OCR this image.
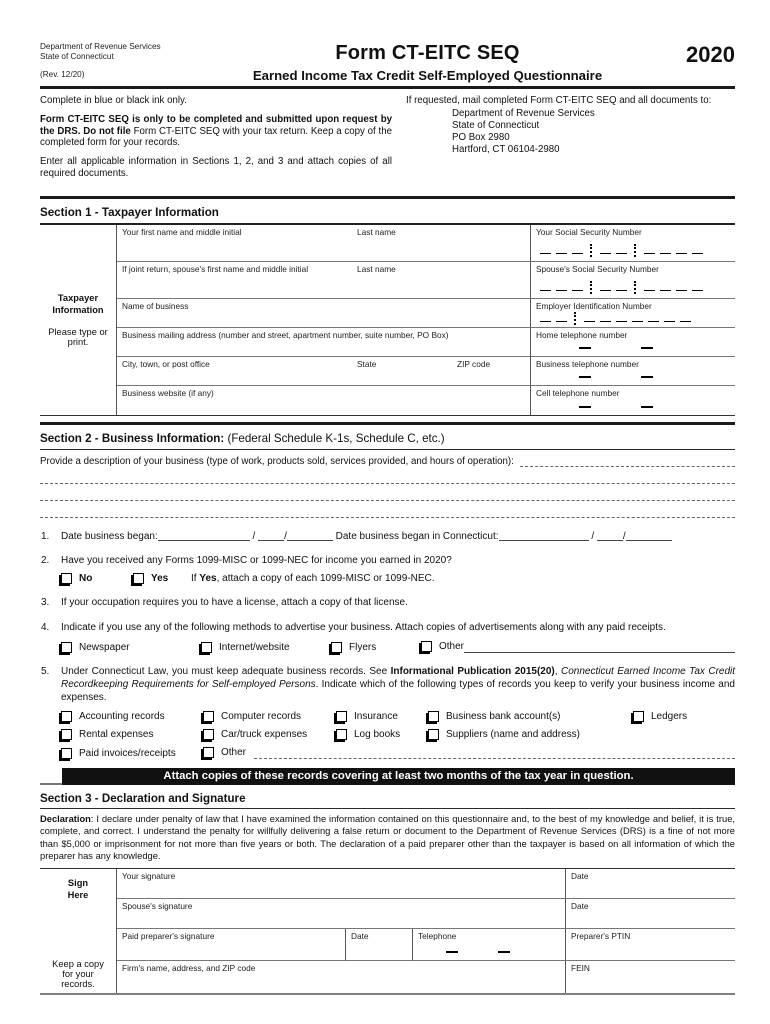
Department of Revenue Services
State of Connecticut
(Rev. 12/20)
Form CT-EITC SEQ
Earned Income Tax Credit Self-Employed Questionnaire
2020

Complete in blue or black ink only.

Form CT-EITC SEQ is only to be completed and submitted upon request by the DRS. Do not file Form CT-EITC SEQ with your tax return. Keep a copy of the completed form for your records.

Enter all applicable information in Sections 1, 2, and 3 and attach copies of all required documents.

If requested, mail completed Form CT-EITC SEQ and all documents to:
Department of Revenue Services
State of Connecticut
PO Box 2980
Hartford, CT 06104-2980
Section 1 - Taxpayer Information
Taxpayer Information
Please type or print.
Your first name and middle initial	Last name	Your Social Security Number
If joint return, spouse's first name and middle initial	Last name	Spouse's Social Security Number
Name of business	Employer Identification Number
Business mailing address (number and street, apartment number, suite number, PO Box)	Home telephone number
City, town, or post office	State	ZIP code	Business telephone number
Business website (if any)	Cell telephone number
Section 2 - Business Information: (Federal Schedule K-1s, Schedule C, etc.)
Provide a description of your business (type of work, products sold, services provided, and hours of operation):
1.	Date business began:	/	/	Date business began in Connecticut:	/	/
2.	Have you received any Forms 1099-MISC or 1099-NEC for income you earned in 2020?
No	Yes If Yes, attach a copy of each 1099-MISC or 1099-NEC.
3.	If your occupation requires you to have a license, attach a copy of that license.
4.	Indicate if you use any of the following methods to advertise your business. Attach copies of advertisements along with any paid receipts.
Newspaper	Internet/website	Flyers	Other
5.	Under Connecticut Law, you must keep adequate business records. See Informational Publication 2015(20), Connecticut Earned Income Tax Credit Recordkeeping Requirements for Self-employed Persons. Indicate which of the following types of records you keep to verify your business income and expenses.
Accounting records	Computer records	Insurance	Business bank account(s)	Ledgers
Rental expenses	Car/truck expenses	Log books	Suppliers (name and address)
Paid invoices/receipts	Other
Attach copies of these records covering at least two months of the tax year in question.
Section 3 - Declaration and Signature
Declaration: I declare under penalty of law that I have examined the information contained on this questionnaire and, to the best of my knowledge and belief, it is true, complete, and correct. I understand the penalty for willfully delivering a false return or document to the Department of Revenue Services (DRS) is a fine of not more than $5,000 or imprisonment for not more than five years or both. The declaration of a paid preparer other than the taxpayer is based on all information of which the preparer has any knowledge.
Sign Here
Keep a copy for your records.
Your signature	Date
Spouse's signature	Date
Paid preparer's signature	Date	Telephone	Preparer's PTIN
Firm's name, address, and ZIP code	FEIN
